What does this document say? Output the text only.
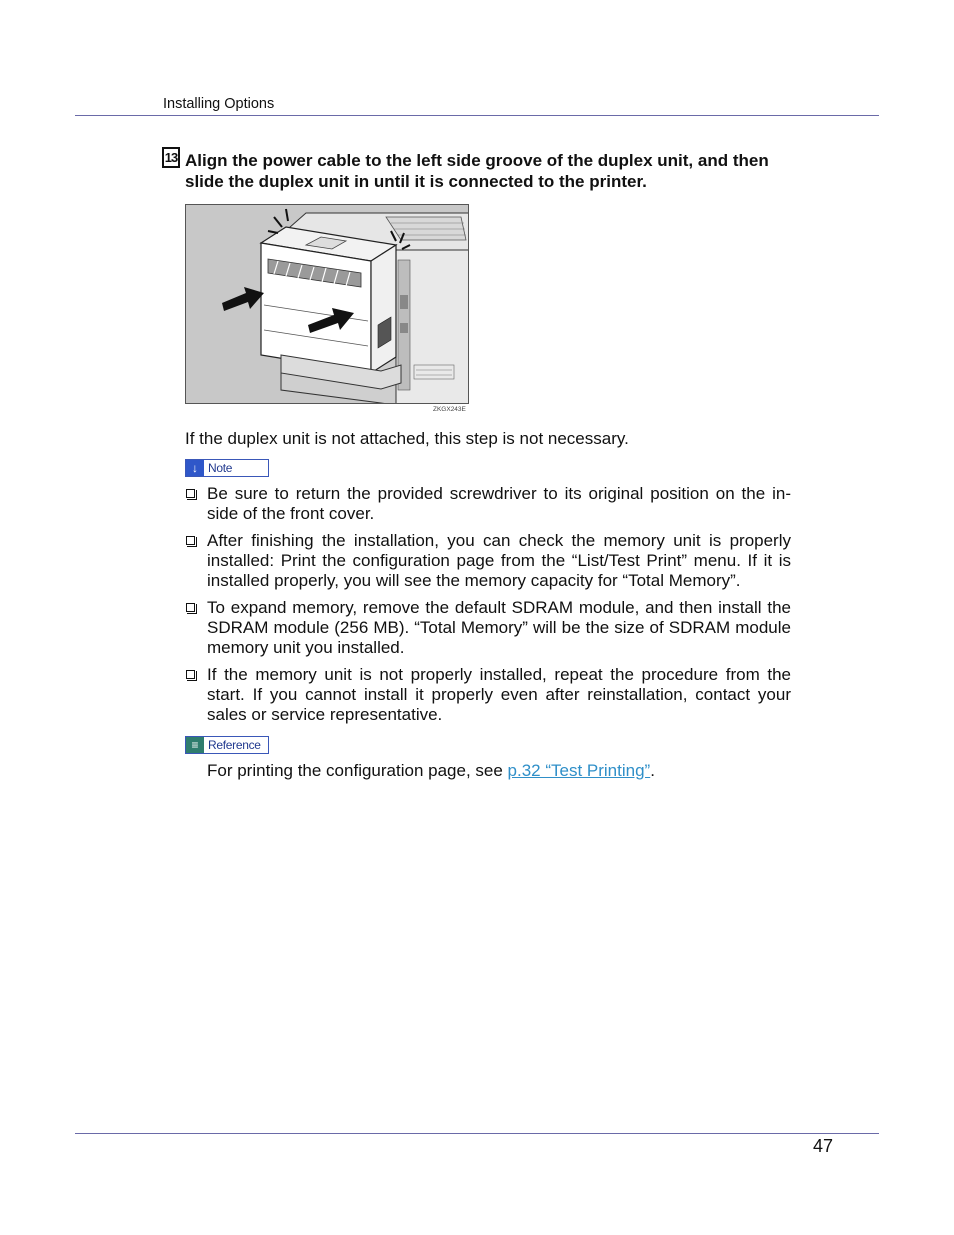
Installing Options
13 Align the power cable to the left side groove of the duplex unit, and then slide the duplex unit in until it is connected to the printer.
ZKGX243E
If the duplex unit is not attached, this step is not necessary.
↓ Note
Be sure to return the provided screwdriver to its original position on the in-side of the front cover.
After finishing the installation, you can check the memory unit is properly installed: Print the configuration page from the “List/Test Print” menu. If it is installed properly, you will see the memory capacity for “Total Memory”.
To expand memory, remove the default SDRAM module, and then install the SDRAM module (256 MB). “Total Memory” will be the size of SDRAM module memory unit you installed.
If the memory unit is not properly installed, repeat the procedure from the start. If you cannot install it properly even after reinstallation, contact your sales or service representative.
≡ Reference
For printing the configuration page, see p.32 “Test Printing”.
47
